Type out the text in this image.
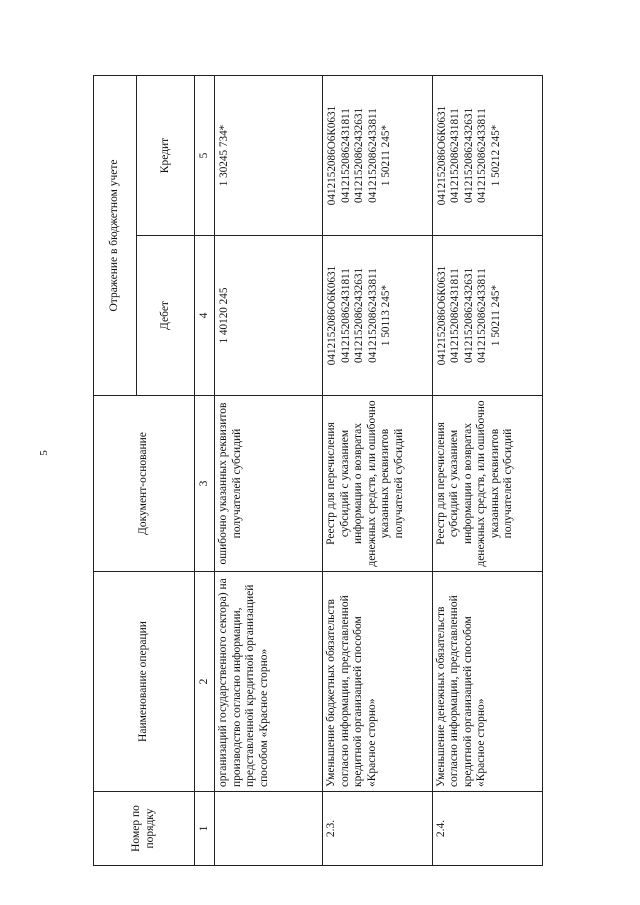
5
Номер по порядку	Наименование операции	Документ-основание	Отражение в бюджетном учете	
			Дебет	Кредит
1	2	3	4	5
	организаций государственного сектора) на производство согласно информации, представленной кредитной организацией способом «Красное сторно»	ошибочно указанных реквизитов получателей субсидий	1 40120 245	1 30245 734*

2.3.	Уменьшение бюджетных обязательств согласно информации, представленной кредитной организацией способом «Красное сторно»	Реестр для перечисления субсидий с указанием информации о возвратах денежных средств, или ошибочно указанных реквизитов получателей субсидий	0412152086О6К0631 04121520862431811 04121520862432631 04121520862433811 1 50113 245*	0412152086О6К0631 04121520862431811 04121520862432631 04121520862433811 1 50211 245*

2.4.	Уменьшение денежных обязательств согласно информации, представленной кредитной организацией способом «Красное сторно»	Реестр для перечисления субсидий с указанием информации о возвратах денежных средств, или ошибочно указанных реквизитов получателей субсидий	0412152086О6К0631 04121520862431811 04121520862432631 04121520862433811 1 50211 245*	0412152086О6К0631 04121520862431811 04121520862432631 04121520862433811 1 50212 245*
